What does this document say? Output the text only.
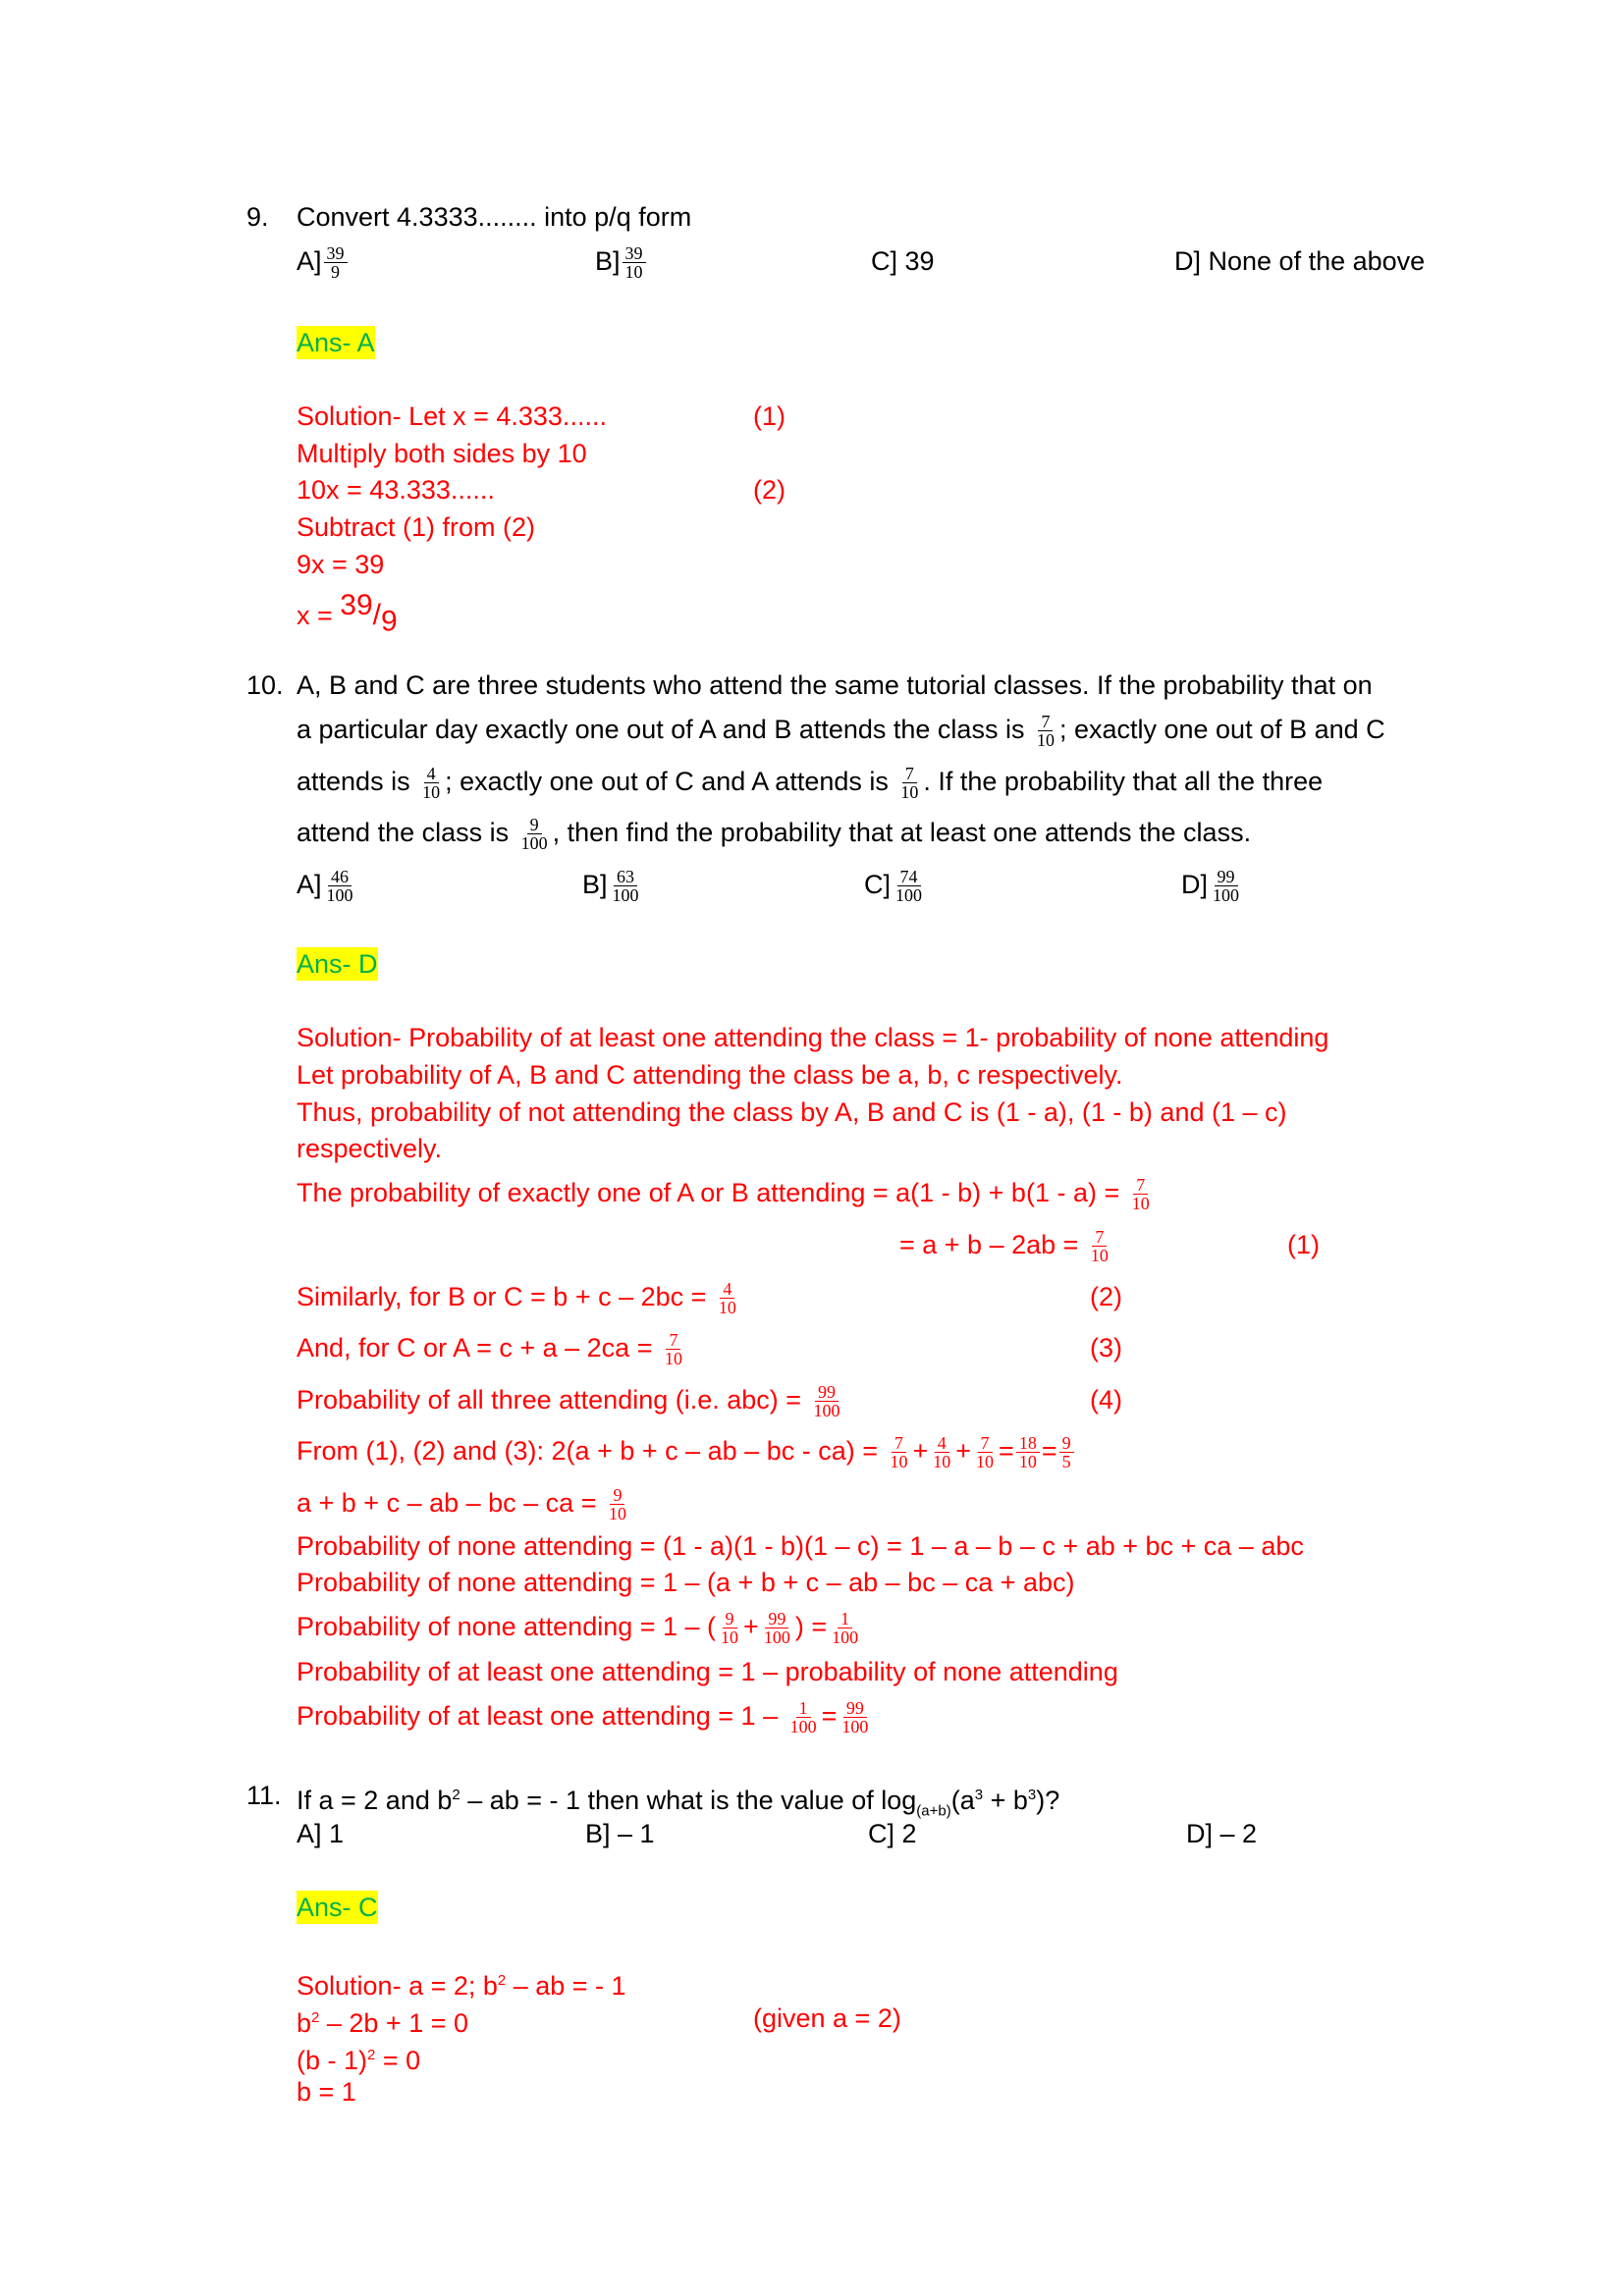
9. Convert 4.3333........ into p/q form
$A] \frac{39}{9}$	$B] \frac{39}{10}$	C] 39	D] None of the above
Ans- A
Solution- Let x = 4.333......	(1)
Multiply both sides by 10
10x = 43.333......	(2)
Subtract (1) from (2)
9x = 39
$x = ^{39}/_9$
10. A, B and C are three students who attend the same tutorial classes. If the probability that on
a particular day exactly one out of A and B attends the class is $\frac{7}{10}$ ; exactly one out of B and C
attends is $\frac{4}{10}$ ; exactly one out of C and A attends is $\frac{7}{10}$ . If the probability that all the three
attend the class is $\frac{9}{100}$ , then find the probability that at least one attends the class.
$A] \frac{46}{100}$	$B] \frac{63}{100}$	$C] \frac{74}{100}$	$D] \frac{99}{100}$
Ans- D
Solution- Probability of at least one attending the class = 1- probability of none attending
Let probability of A, B and C attending the class be a, b, c respectively.
Thus, probability of not attending the class by A, B and C is (1 - a), (1 - b) and (1 – c)
respectively.
The probability of exactly one of A or B attending = $a(1 - b) + b(1 - a) = \frac{7}{10}$
= $a + b - 2ab = \frac{7}{10}$	(1)
Similarly, for B or $C = b + c - 2bc = \frac{4}{10}$	(2)
And, for C or $A = c + a - 2ca = \frac{7}{10}$	(3)
Probability of all three attending (i.e. $abc) = \frac{99}{100}$	(4)
From (1), (2) and (3): 2(a + b + c – ab – bc - $ca) = \frac{7}{10} + \frac{4}{10} + \frac{7}{10} = \frac{18}{10} = \frac{9}{5}$
a + b + c – ab – bc – ca = $\frac{9}{10}$
Probability of none attending = (1 - a)(1 - b)(1 – c) = 1 – a – b – c + ab + bc + ca – abc
Probability of none attending = 1 – (a + b + c – ab – bc – ca + abc)
Probability of none attending = 1 – ( $\frac{9}{10} + \frac{99}{100}$ ) = $\frac{1}{100}$
Probability of at least one attending = 1 – probability of none attending
Probability of at least one attending = $1 - \frac{1}{100} = \frac{99}{100}$
11. If a = 2 and $b^2$ – ab = - 1 then what is the value of $\log_{(a+b)}(a^3 + b^3)$?
A] 1	B] – 1	C] 2	D] – 2
Ans- C
Solution- a = 2; $b^2$ – ab = - 1
$b^2 - 2b + 1 = 0$	(given a = 2)
(b - 1)$^2$ = 0
b = 1
